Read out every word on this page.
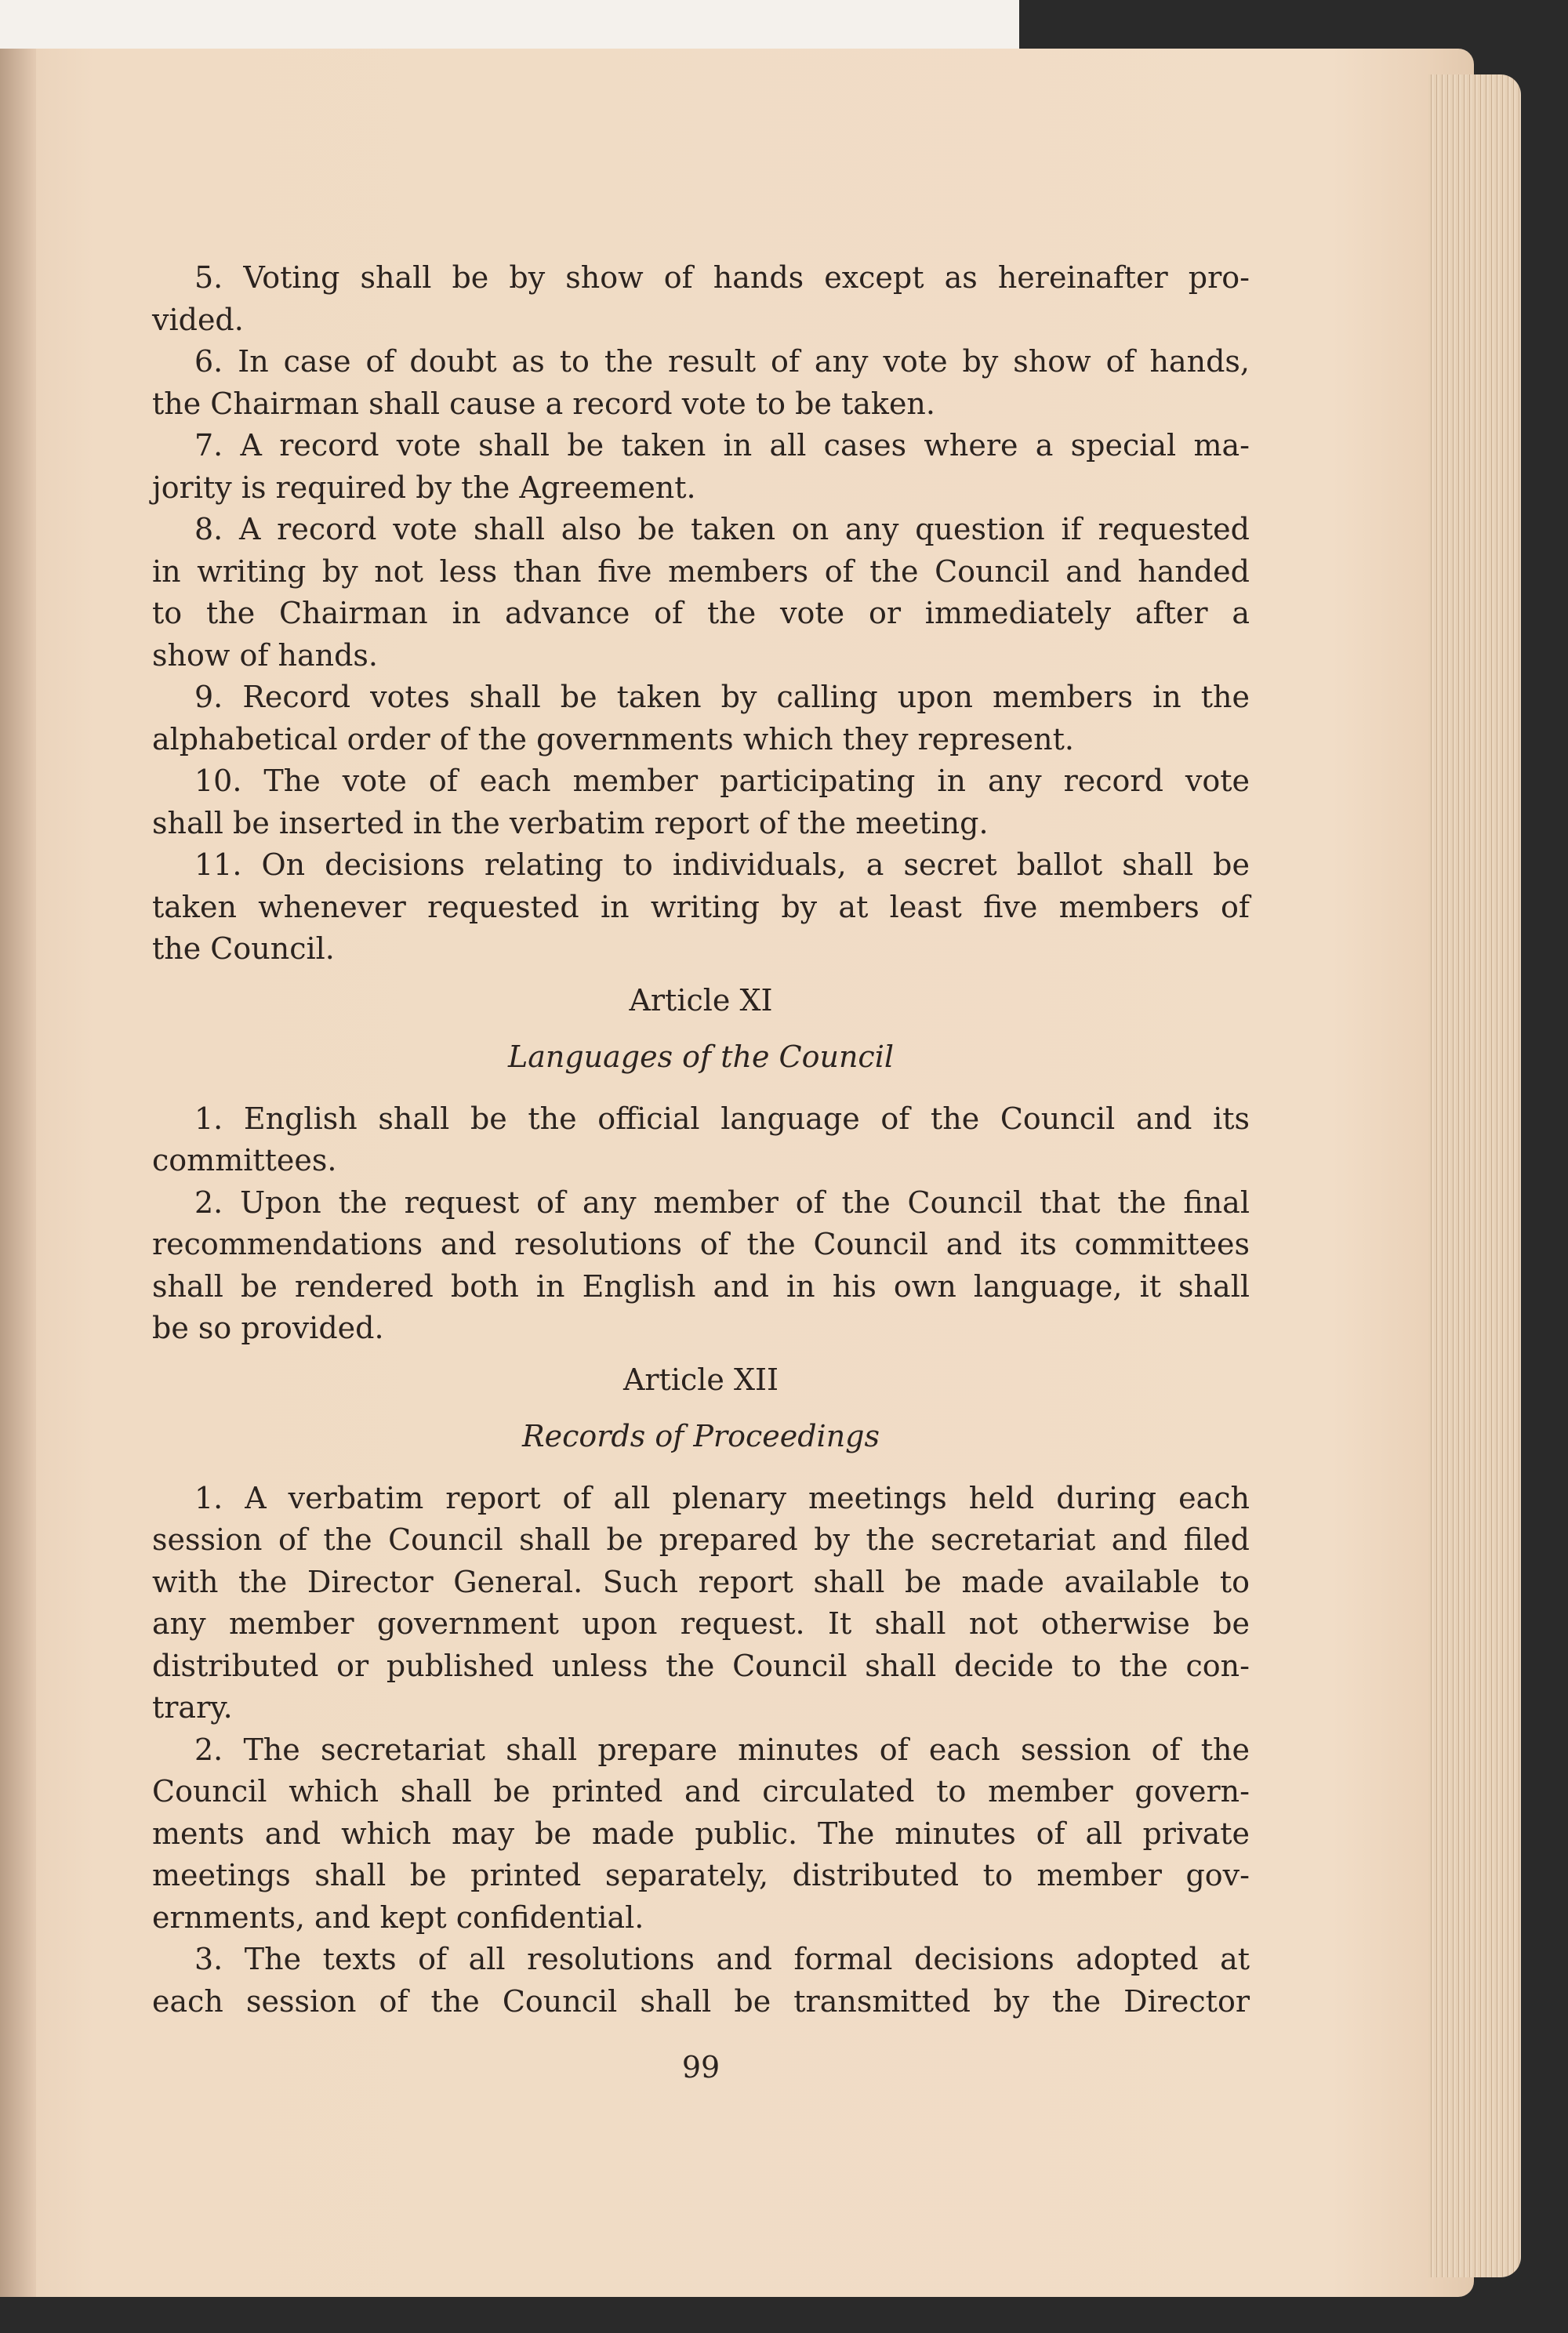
5. Voting shall be by show of hands except as hereinafter pro-
vided.
6. In case of doubt as to the result of any vote by show of hands,
the Chairman shall cause a record vote to be taken.
7. A record vote shall be taken in all cases where a special ma-
jority is required by the Agreement.
8. A record vote shall also be taken on any question if requested
in writing by not less than five members of the Council and handed
to the Chairman in advance of the vote or immediately after a
show of hands.
9. Record votes shall be taken by calling upon members in the
alphabetical order of the governments which they represent.
10. The vote of each member participating in any record vote
shall be inserted in the verbatim report of the meeting.
11. On decisions relating to individuals, a secret ballot shall be
taken whenever requested in writing by at least five members of
the Council.
Article XI
Languages of the Council
1. English shall be the official language of the Council and its
committees.
2. Upon the request of any member of the Council that the final
recommendations and resolutions of the Council and its committees
shall be rendered both in English and in his own language, it shall
be so provided.
Article XII
Records of Proceedings
1. A verbatim report of all plenary meetings held during each
session of the Council shall be prepared by the secretariat and filed
with the Director General. Such report shall be made available to
any member government upon request. It shall not otherwise be
distributed or published unless the Council shall decide to the con-
trary.
2. The secretariat shall prepare minutes of each session of the
Council which shall be printed and circulated to member govern-
ments and which may be made public. The minutes of all private
meetings shall be printed separately, distributed to member gov-
ernments, and kept confidential.
3. The texts of all resolutions and formal decisions adopted at
each session of the Council shall be transmitted by the Director
99
